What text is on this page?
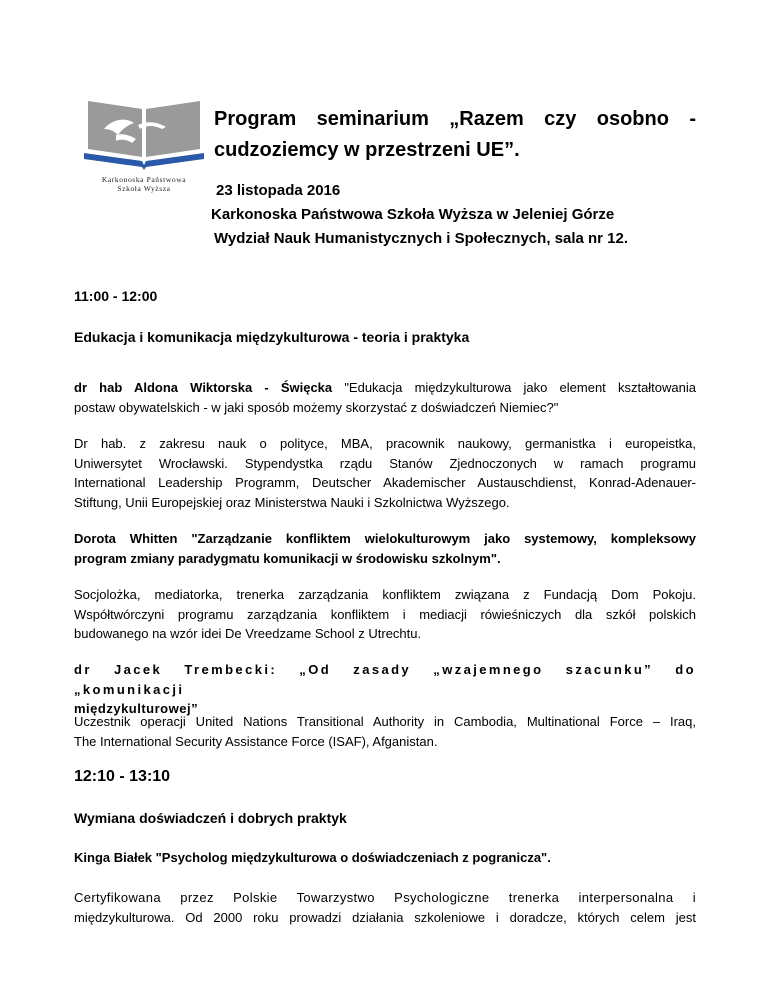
Karkonoska Państwowa
Szkoła Wyższa
Program seminarium „Razem czy osobno -
cudzoziemcy w przestrzeni UE”.
23 listopada 2016
Karkonoska Państwowa Szkoła Wyższa w Jeleniej Górze
Wydział Nauk Humanistycznych i Społecznych, sala nr 12.
11:00 - 12:00
Edukacja i komunikacja międzykulturowa - teoria i praktyka
dr hab Aldona Wiktorska - Święcka "Edukacja międzykulturowa jako element kształtowania
postaw obywatelskich - w jaki sposób możemy skorzystać z doświadczeń Niemiec?"
Dr hab. z zakresu nauk o polityce, MBA, pracownik naukowy, germanistka i europeistka,
Uniwersytet Wrocławski. Stypendystka rządu Stanów Zjednoczonych w ramach programu
International Leadership Programm, Deutscher Akademischer Austauschdienst, Konrad-Adenauer-
Stiftung, Unii Europejskiej oraz Ministerstwa Nauki i Szkolnictwa Wyższego.
Dorota Whitten "Zarządzanie konfliktem wielokulturowym jako systemowy, kompleksowy
program zmiany paradygmatu komunikacji w środowisku szkolnym".
Socjolożka, mediatorka, trenerka zarządzania konfliktem związana z Fundacją Dom Pokoju.
Współtwórczyni programu zarządzania konfliktem i mediacji rówieśniczych dla szkół polskich
budowanego na wzór idei De Vreedzame School z Utrechtu.
dr Jacek Trembecki: „Od zasady „wzajemnego szacunku” do „komunikacji
międzykulturowej”
Uczestnik operacji United Nations Transitional Authority in Cambodia, Multinational Force – Iraq,
The International Security Assistance Force (ISAF), Afganistan.
12:10 - 13:10
Wymiana doświadczeń i dobrych praktyk
Kinga Białek "Psycholog międzykulturowa o doświadczeniach z pogranicza".
Certyfikowana przez Polskie Towarzystwo Psychologiczne trenerka interpersonalna i
międzykulturowa. Od 2000 roku prowadzi działania szkoleniowe i doradcze, których celem jest
